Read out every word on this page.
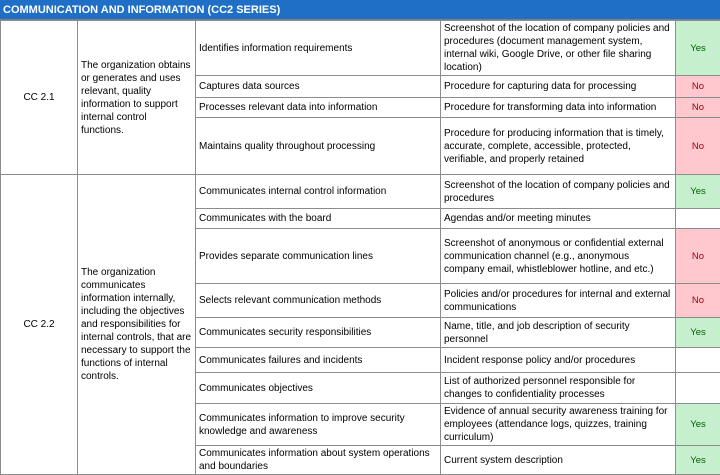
COMMUNICATION AND INFORMATION (CC2 SERIES)
CC 2.1	The organization obtains or generates and uses relevant, quality information to support internal control functions.	Identifies information requirements	Screenshot of the location of company policies and procedures (document management system, internal wiki, Google Drive, or other file sharing location)	Yes
		Captures data sources	Procedure for capturing data for processing	No
		Processes relevant data into information	Procedure for transforming data into information	No
		Maintains quality throughout processing	Procedure for producing information that is timely, accurate, complete, accessible, protected, verifiable, and properly retained	No
CC 2.2	The organization communicates information internally, including the objectives and responsibilities for internal controls, that are necessary to support the functions of internal controls.	Communicates internal control information	Screenshot of the location of company policies and procedures	Yes
		Communicates with the board	Agendas and/or meeting minutes	
		Provides separate communication lines	Screenshot of anonymous or confidential external communication channel (e.g., anonymous company email, whistleblower hotline, and etc.)	No
		Selects relevant communication methods	Policies and/or procedures for internal and external communications	No
		Communicates security responsibilities	Name, title, and job description of security personnel	Yes
		Communicates failures and incidents	Incident response policy and/or procedures	
		Communicates objectives	List of authorized personnel responsible for changes to confidentiality processes	
		Communicates information to improve security knowledge and awareness	Evidence of annual security awareness training for employees (attendance logs, quizzes, training curriculum)	Yes
		Communicates information about system operations and boundaries	Current system description	Yes
